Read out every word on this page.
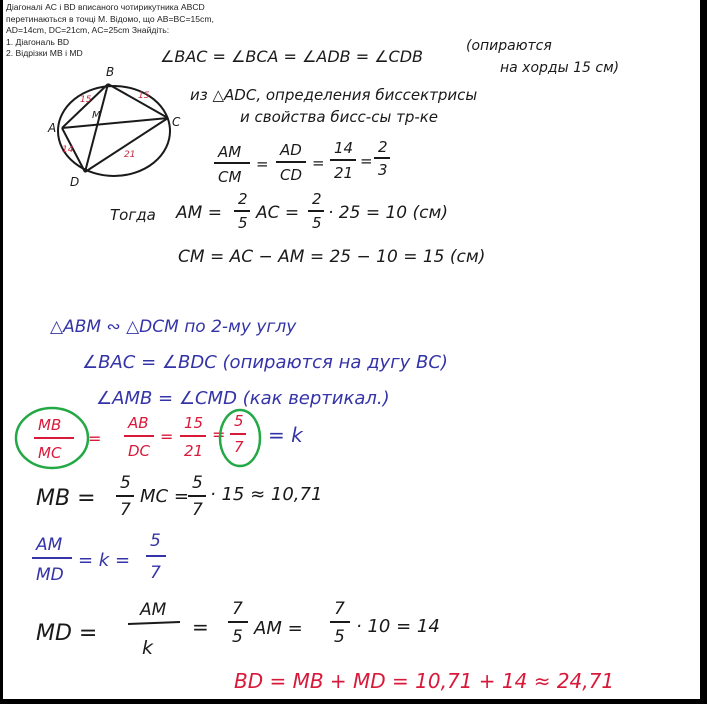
Діагоналі AC і BD вписаного чотирикутника ABCD
перетинаються в точці M. Відомо, що AB=BC=15cm,
AD=14cm, DC=21cm, AC=25cm Знайдіть:
1. Діагональ BD
2. Відрізки MB і MD
B
A	C
D
M
15	15
14	21
∠BAC = ∠BCA = ∠ADB = ∠CDB
(опираются
на хорды 15 см)
из △ADC, определения биссектрисы
и свойства бисс-сы тр-ке
AM
CM
=
AD
CD
=
14
21
=
2
3
Тогда AM =
2
5 AC =
2
5 · 25 = 10 (см)
CM = AC − AM = 25 − 10 = 15 (см)
MB =
5
7
MC =
5
7
· 15 ≈ 10,71
MD =
AM
k
=
7
5 AM =
7
5 · 10 = 14
△ABM ∾ △DCM по 2-му углу
∠BAC = ∠BDC (опираются на дугу BC)
∠AMB = ∠CMD (как вертикал.)
AM
MD
= k =
5
7
MB
MC
=
AB
DC
=
15
21
=
5
7 = k
BD = MB + MD = 10,71 + 14 ≈ 24,71
